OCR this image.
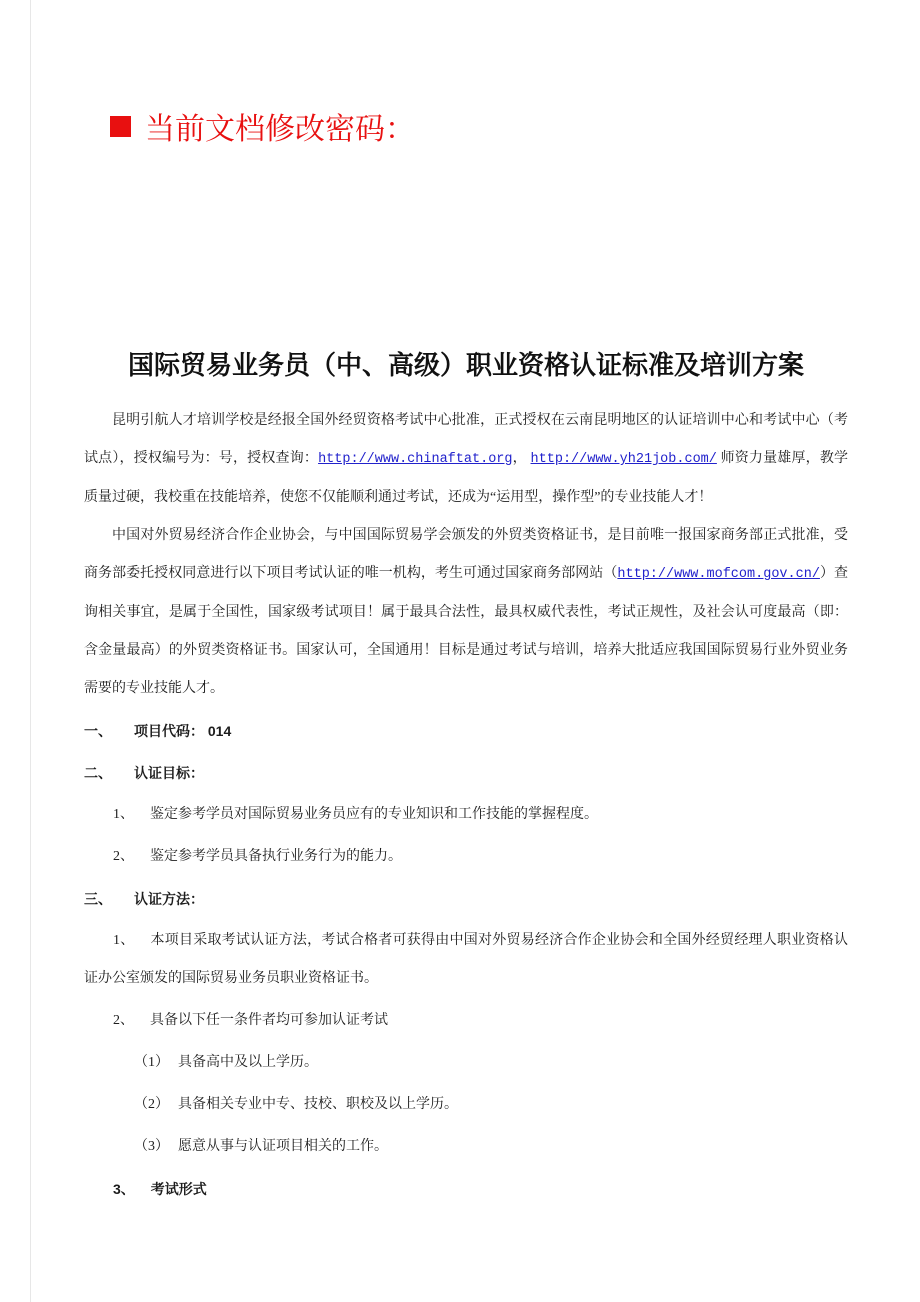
当前文档修改密码：
国际贸易业务员（中、高级）职业资格认证标准及培训方案
昆明引航人才培训学校是经报全国外经贸资格考试中心批准，正式授权在云南昆明地区的认证培训中心和考试中心（考试点），授权编号为：号，授权查询：http://www.chinaftat.org， http://www.yh21job.com/ 师资力量雄厚，教学质量过硬，我校重在技能培养，使您不仅能顺利通过考试，还成为“运用型，操作型”的专业技能人才！
中国对外贸易经济合作企业协会，与中国国际贸易学会颁发的外贸类资格证书，是目前唯一报国家商务部正式批准，受商务部委托授权同意进行以下项目考试认证的唯一机构，考生可通过国家商务部网站（http://www.mofcom.gov.cn/）查询相关事宜，是属于全国性，国家级考试项目！属于最具合法性，最具权威代表性，考试正规性，及社会认可度最高（即：含金量最高）的外贸类资格证书。国家认可，全国通用！目标是通过考试与培训，培养大批适应我国国际贸易行业外贸业务需要的专业技能人才。
一、 项目代码： 014
二、 认证目标：
1、 鉴定参考学员对国际贸易业务员应有的专业知识和工作技能的掌握程度。
2、 鉴定参考学员具备执行业务行为的能力。
三、 认证方法：
1、 本项目采取考试认证方法，考试合格者可获得由中国对外贸易经济合作企业协会和全国外经贸经理人职业资格认证办公室颁发的国际贸易业务员职业资格证书。
2、 具备以下任一条件者均可参加认证考试
（1） 具备高中及以上学历。
（2） 具备相关专业中专、技校、职校及以上学历。
（3） 愿意从事与认证项目相关的工作。
3、 考试形式
